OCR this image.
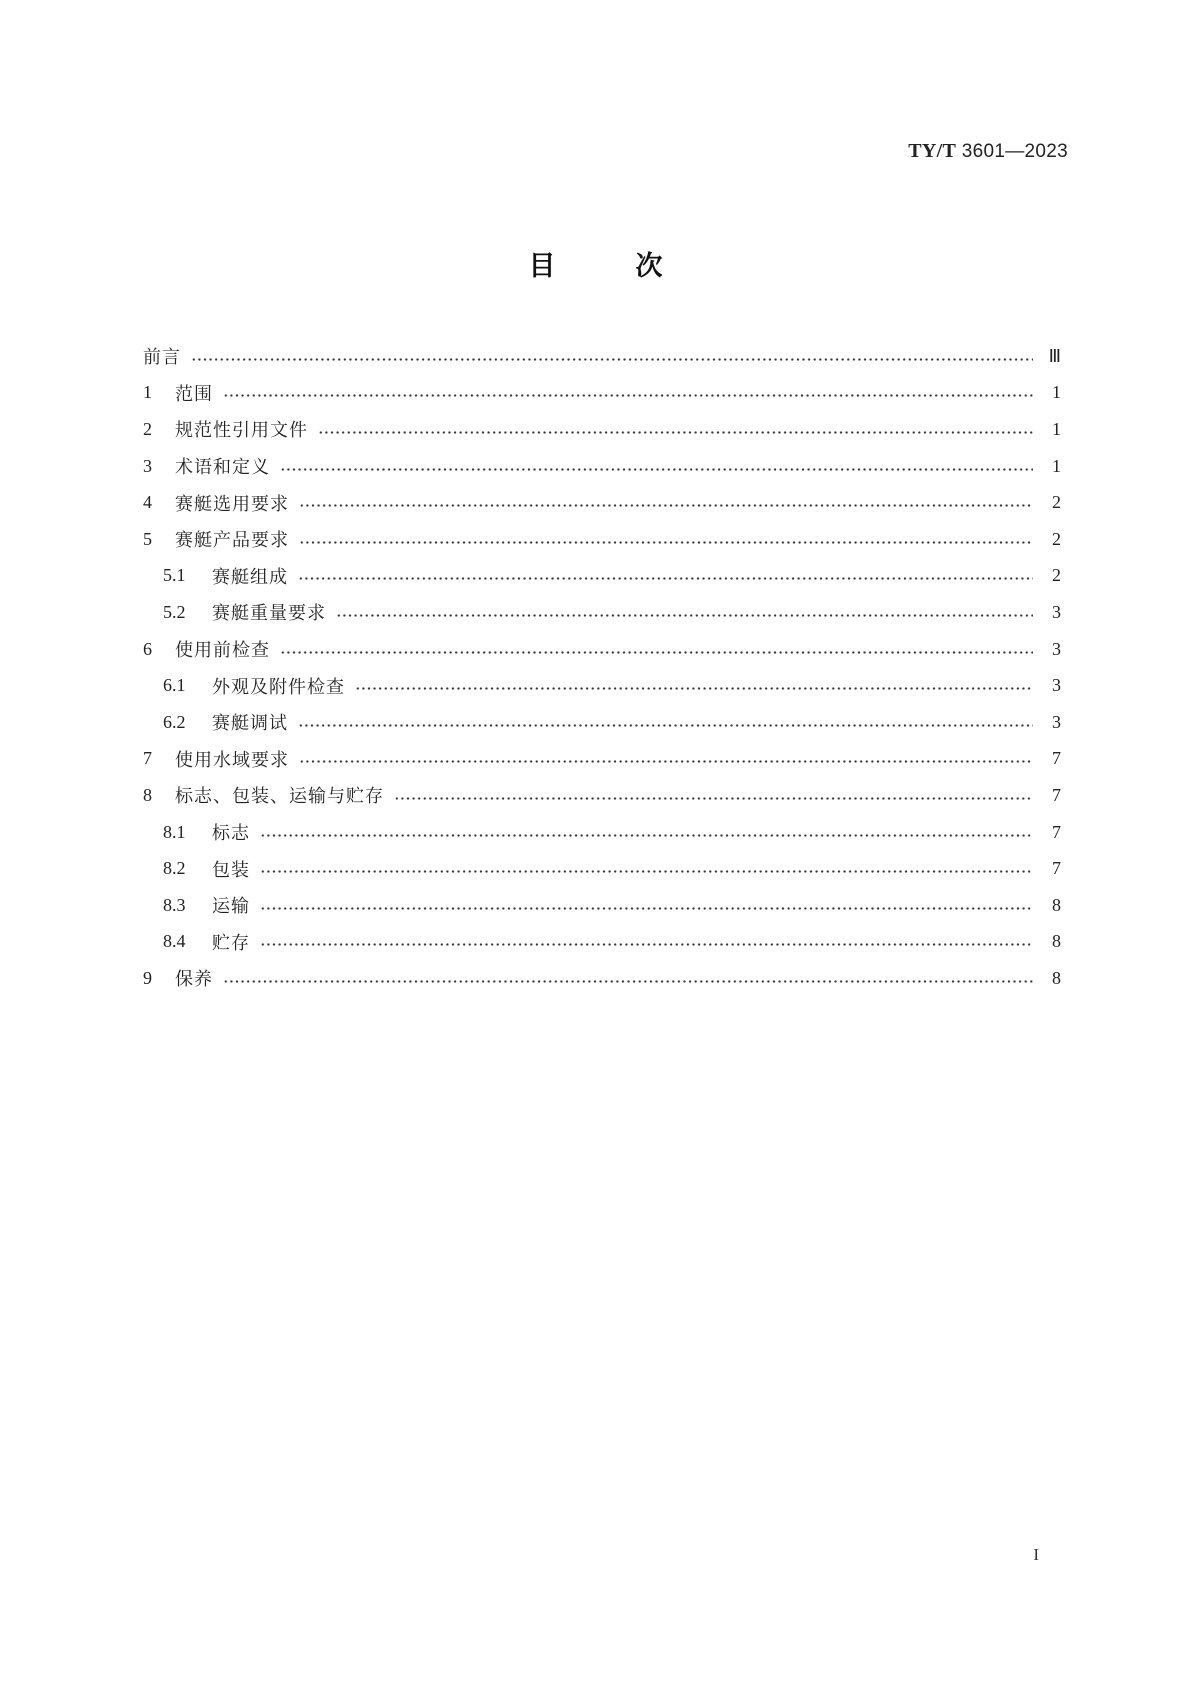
TY/T 3601—2023
目	次
前言	Ⅲ
1	范围	1
2	规范性引用文件	1
3	术语和定义	1
4	赛艇选用要求	2
5	赛艇产品要求	2
5.1	赛艇组成	2
5.2	赛艇重量要求	3
6	使用前检查	3
6.1	外观及附件检查	3
6.2	赛艇调试	3
7	使用水域要求	7
8	标志、包装、运输与贮存	7
8.1	标志	7
8.2	包装	7
8.3	运输	8
8.4	贮存	8
9	保养	8
I
